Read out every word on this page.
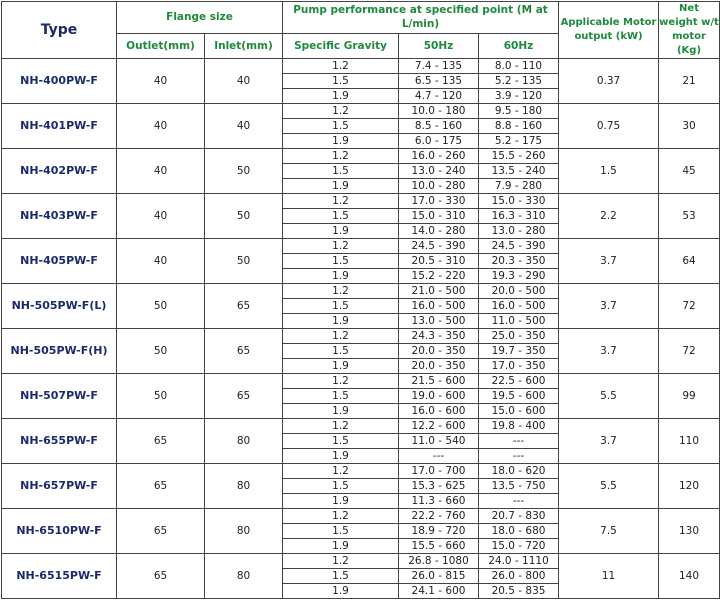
Type	Flange size		Pump performance at specified point (M at L/min)			Applicable Motor output (kW)	Net weight w/t motor (Kg)
	Outlet(mm)	Inlet(mm)	Specific Gravity	50Hz	60Hz		
NH-400PW-F	40	40	1.2	7.4 - 135	8.0 - 110	0.37	21
			1.5	6.5 - 135	5.2 - 135		
			1.9	4.7 - 120	3.9 - 120		
NH-401PW-F	40	40	1.2	10.0 - 180	9.5 - 180	0.75	30
			1.5	8.5 - 160	8.8 - 160		
			1.9	6.0 - 175	5.2 - 175		
NH-402PW-F	40	50	1.2	16.0 - 260	15.5 - 260	1.5	45
			1.5	13.0 - 240	13.5 - 240		
			1.9	10.0 - 280	7.9 - 280		
NH-403PW-F	40	50	1.2	17.0 - 330	15.0 - 330	2.2	53
			1.5	15.0 - 310	16.3 - 310		
			1.9	14.0 - 280	13.0 - 280		
NH-405PW-F	40	50	1.2	24.5 - 390	24.5 - 390	3.7	64
			1.5	20.5 - 310	20.3 - 350		
			1.9	15.2 - 220	19.3 - 290		
NH-505PW-F(L)	50	65	1.2	21.0 - 500	20.0 - 500	3.7	72
			1.5	16.0 - 500	16.0 - 500		
			1.9	13.0 - 500	11.0 - 500		
NH-505PW-F(H)	50	65	1.2	24.3 - 350	25.0 - 350	3.7	72
			1.5	20.0 - 350	19.7 - 350		
			1.9	20.0 - 350	17.0 - 350		
NH-507PW-F	50	65	1.2	21.5 - 600	22.5 - 600	5.5	99
			1.5	19.0 - 600	19.5 - 600		
			1.9	16.0 - 600	15.0 - 600		
NH-655PW-F	65	80	1.2	12.2 - 600	19.8 - 400	3.7	110
			1.5	11.0 - 540	---		
			1.9	---	---		
NH-657PW-F	65	80	1.2	17.0 - 700	18.0 - 620	5.5	120
			1.5	15.3 - 625	13.5 - 750		
			1.9	11.3 - 660	---		
NH-6510PW-F	65	80	1.2	22.2 - 760	20.7 - 830	7.5	130
			1.5	18.9 - 720	18.0 - 680		
			1.9	15.5 - 660	15.0 - 720		
NH-6515PW-F	65	80	1.2	26.8 - 1080	24.0 - 1110	11	140
			1.5	26.0 - 815	26.0 - 800		
			1.9	24.1 - 600	20.5 - 835		
